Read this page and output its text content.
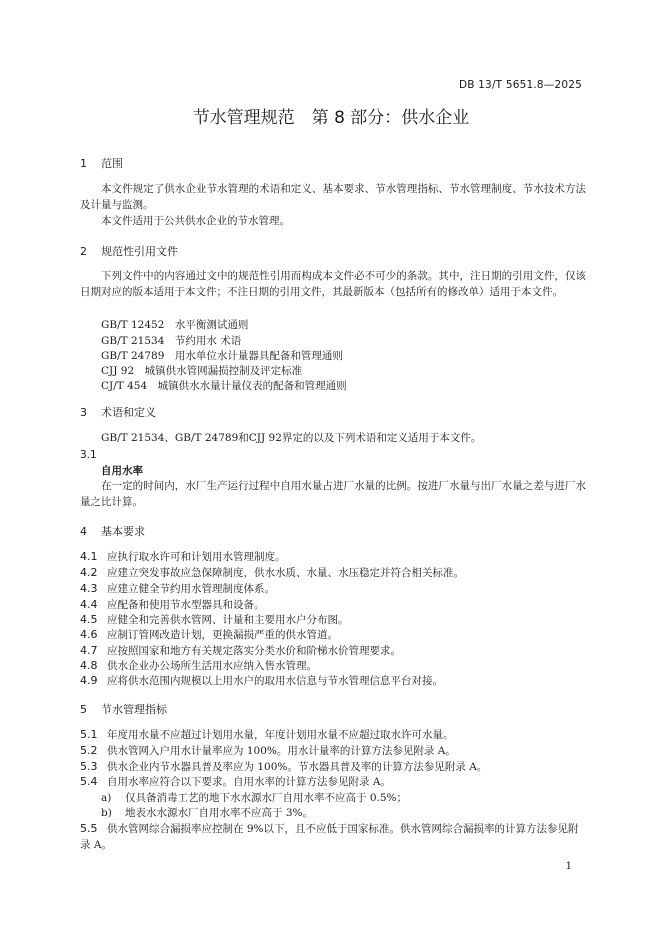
DB 13/T 5651.8—2025
节水管理规范　第 8 部分：供水企业
1 范围
本文件规定了供水企业节水管理的术语和定义、基本要求、节水管理指标、节水管理制度、节水技术方法及计量与监测。
本文件适用于公共供水企业的节水管理。
2 规范性引用文件
下列文件中的内容通过文中的规范性引用而构成本文件必不可少的条款。其中，注日期的引用文件，仅该日期对应的版本适用于本文件；不注日期的引用文件，其最新版本（包括所有的修改单）适用于本文件。
GB/T 12452　水平衡测试通则
GB/T 21534　节约用水 术语
GB/T 24789　用水单位水计量器具配备和管理通则
CJJ 92　城镇供水管网漏损控制及评定标准
CJ/T 454　城镇供水水量计量仪表的配备和管理通则
3 术语和定义
GB/T 21534、GB/T 24789和CJJ 92界定的以及下列术语和定义适用于本文件。
3.1
自用水率
在一定的时间内，水厂生产运行过程中自用水量占进厂水量的比例。按进厂水量与出厂水量之差与进厂水量之比计算。
4 基本要求
4.1 应执行取水许可和计划用水管理制度。
4.2 应建立突发事故应急保障制度，供水水质、水量、水压稳定并符合相关标准。
4.3 应建立健全节约用水管理制度体系。
4.4 应配备和使用节水型器具和设备。
4.5 应健全和完善供水管网、计量和主要用水户分布图。
4.6 应制订管网改造计划，更换漏损严重的供水管道。
4.7 应按照国家和地方有关规定落实分类水价和阶梯水价管理要求。
4.8 供水企业办公场所生活用水应纳入售水管理。
4.9 应将供水范围内规模以上用水户的取用水信息与节水管理信息平台对接。
5 节水管理指标
5.1 年度用水量不应超过计划用水量，年度计划用水量不应超过取水许可水量。
5.2 供水管网入户用水计量率应为 100%。用水计量率的计算方法参见附录 A。
5.3 供水企业内节水器具普及率应为 100%。节水器具普及率的计算方法参见附录 A。
5.4 自用水率应符合以下要求。自用水率的计算方法参见附录 A。
a) 仅具备消毒工艺的地下水水源水厂自用水率不应高于 0.5%；
b) 地表水水源水厂自用水率不应高于 3%。
5.5 供水管网综合漏损率应控制在 9%以下，且不应低于国家标准。供水管网综合漏损率的计算方法参见附录 A。
1
